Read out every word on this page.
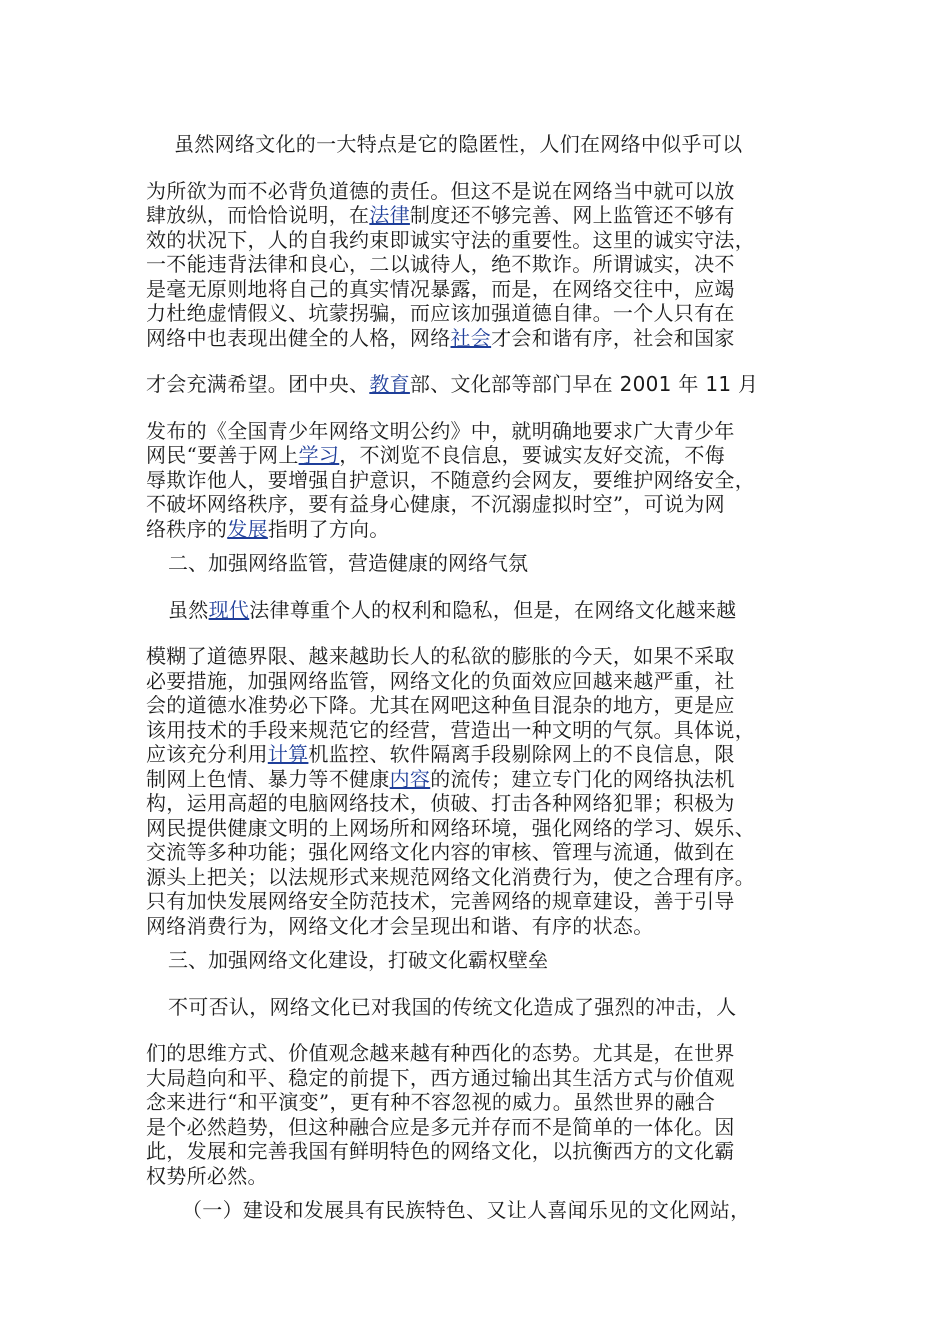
虽然网络文化的一大特点是它的隐匿性，人们在网络中似乎可以
为所欲为而不必背负道德的责任。但这不是说在网络当中就可以放
肆放纵，而恰恰说明，在法律制度还不够完善、网上监管还不够有
效的状况下，人的自我约束即诚实守法的重要性。这里的诚实守法，
一不能违背法律和良心，二以诚待人，绝不欺诈。所谓诚实，决不
是毫无原则地将自己的真实情况暴露，而是，在网络交往中，应竭
力杜绝虚情假义、坑蒙拐骗，而应该加强道德自律。一个人只有在
网络中也表现出健全的人格，网络社会才会和谐有序，社会和国家
才会充满希望。团中央、教育部、文化部等部门早在 2001 年 11 月
发布的《全国青少年网络文明公约》中，就明确地要求广大青少年
网民“要善于网上学习，不浏览不良信息，要诚实友好交流，不侮
辱欺诈他人，要增强自护意识，不随意约会网友，要维护网络安全，
不破坏网络秩序，要有益身心健康，不沉溺虚拟时空”，可说为网
络秩序的发展指明了方向。
二、加强网络监管，营造健康的网络气氛
虽然现代法律尊重个人的权利和隐私，但是，在网络文化越来越
模糊了道德界限、越来越助长人的私欲的膨胀的今天，如果不采取
必要措施，加强网络监管，网络文化的负面效应回越来越严重，社
会的道德水准势必下降。尤其在网吧这种鱼目混杂的地方，更是应
该用技术的手段来规范它的经营，营造出一种文明的气氛。具体说，
应该充分利用计算机监控、软件隔离手段剔除网上的不良信息，限
制网上色情、暴力等不健康内容的流传；建立专门化的网络执法机
构，运用高超的电脑网络技术，侦破、打击各种网络犯罪；积极为
网民提供健康文明的上网场所和网络环境，强化网络的学习、娱乐、
交流等多种功能；强化网络文化内容的审核、管理与流通，做到在
源头上把关；以法规形式来规范网络文化消费行为，使之合理有序。
只有加快发展网络安全防范技术，完善网络的规章建设，善于引导
网络消费行为，网络文化才会呈现出和谐、有序的状态。
三、加强网络文化建设，打破文化霸权壁垒
不可否认，网络文化已对我国的传统文化造成了强烈的冲击，人
们的思维方式、价值观念越来越有种西化的态势。尤其是，在世界
大局趋向和平、稳定的前提下，西方通过输出其生活方式与价值观
念来进行“和平演变”，更有种不容忽视的威力。虽然世界的融合
是个必然趋势，但这种融合应是多元并存而不是简单的一体化。因
此，发展和完善我国有鲜明特色的网络文化，以抗衡西方的文化霸
权势所必然。
（一）建设和发展具有民族特色、又让人喜闻乐见的文化网站，
